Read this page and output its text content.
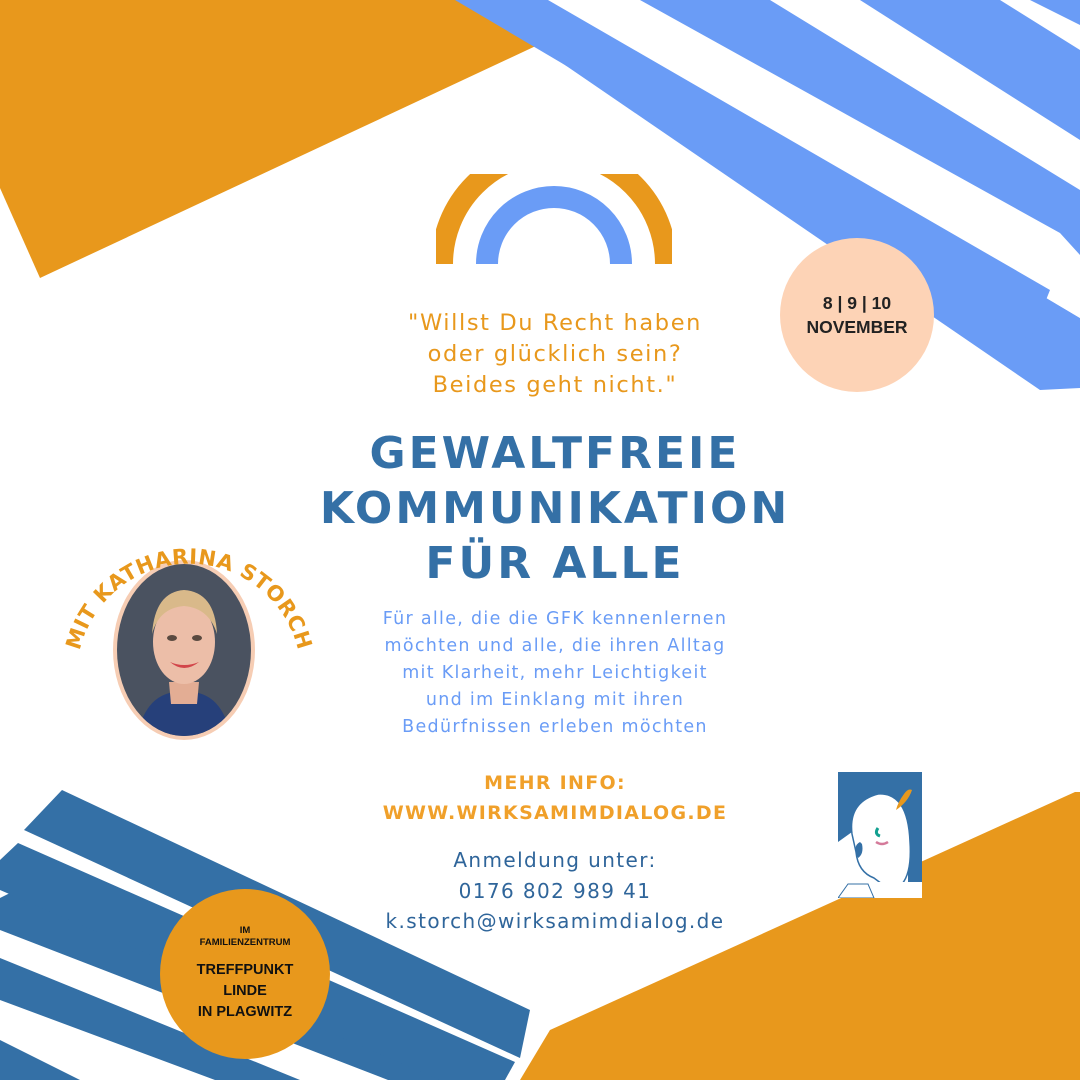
"Willst Du Recht haben
oder glücklich sein?
Beides geht nicht."
8 | 9 | 10
NOVEMBER
GEWALTFREIE
KOMMUNIKATION
FÜR ALLE
Für alle, die die GFK kennenlernen
möchten und alle, die ihren Alltag
mit Klarheit, mehr Leichtigkeit
und im Einklang mit ihren
Bedürfnissen erleben möchten
MIT KATHARINA STORCH
MEHR INFO:
WWW.WIRKSAMIMDIALOG.DE
Anmeldung unter:
0176 802 989 41
k.storch@wirksamimdialog.de
IM
FAMILIENZENTRUM
TREFFPUNKT
LINDE
IN PLAGWITZ
